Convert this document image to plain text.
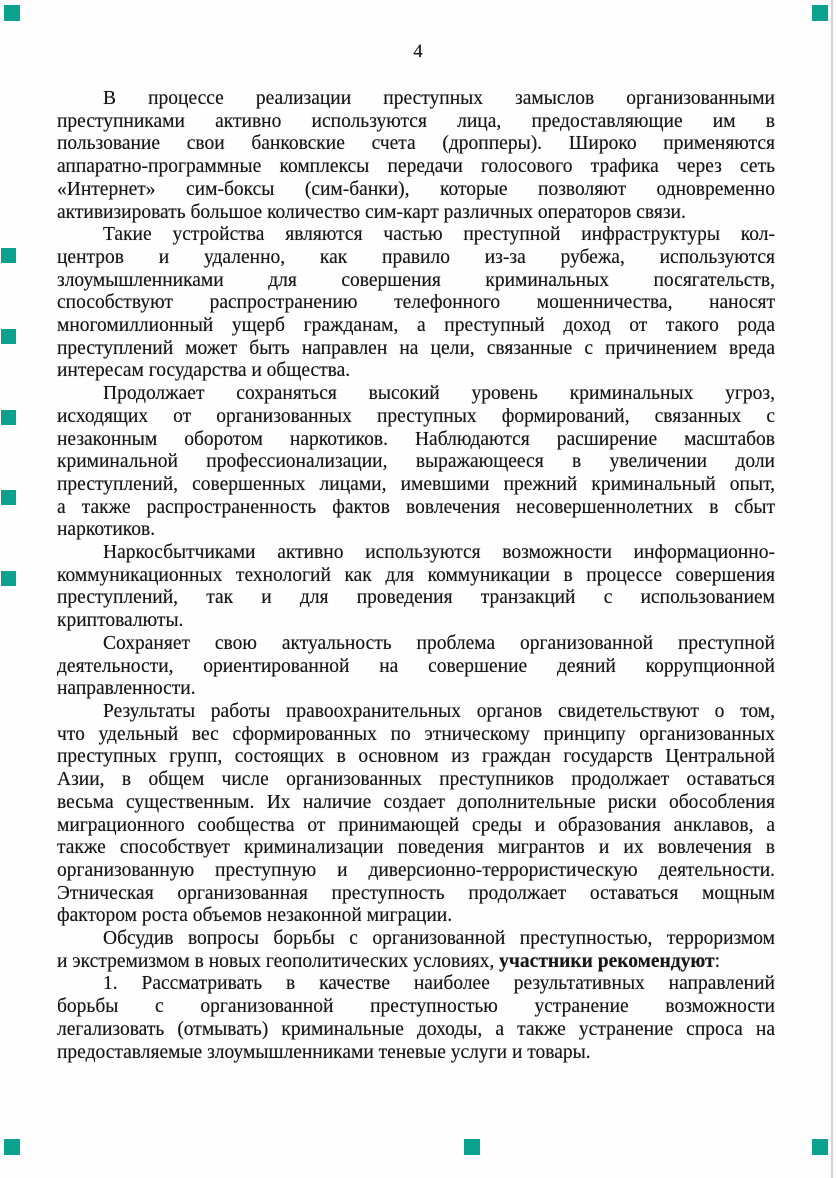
4
В процессе реализации преступных замыслов организованными
преступниками активно используются лица, предоставляющие им в
пользование свои банковские счета (дропперы). Широко применяются
аппаратно-программные комплексы передачи голосового трафика через сеть
«Интернет» сим-боксы (сим-банки), которые позволяют одновременно
активизировать большое количество сим-карт различных операторов связи.
Такие устройства являются частью преступной инфраструктуры кол-
центров и удаленно, как правило из-за рубежа, используются
злоумышленниками для совершения криминальных посягательств,
способствуют распространению телефонного мошенничества, наносят
многомиллионный ущерб гражданам, а преступный доход от такого рода
преступлений может быть направлен на цели, связанные с причинением вреда
интересам государства и общества.
Продолжает сохраняться высокий уровень криминальных угроз,
исходящих от организованных преступных формирований, связанных с
незаконным оборотом наркотиков. Наблюдаются расширение масштабов
криминальной профессионализации, выражающееся в увеличении доли
преступлений, совершенных лицами, имевшими прежний криминальный опыт,
а также распространенность фактов вовлечения несовершеннолетних в сбыт
наркотиков.
Наркосбытчиками активно используются возможности информационно-
коммуникационных технологий как для коммуникации в процессе совершения
преступлений, так и для проведения транзакций с использованием
криптовалюты.
Сохраняет свою актуальность проблема организованной преступной
деятельности, ориентированной на совершение деяний коррупционной
направленности.
Результаты работы правоохранительных органов свидетельствуют о том,
что удельный вес сформированных по этническому принципу организованных
преступных групп, состоящих в основном из граждан государств Центральной
Азии, в общем числе организованных преступников продолжает оставаться
весьма существенным. Их наличие создает дополнительные риски обособления
миграционного сообщества от принимающей среды и образования анклавов, а
также способствует криминализации поведения мигрантов и их вовлечения в
организованную преступную и диверсионно-террористическую деятельности.
Этническая организованная преступность продолжает оставаться мощным
фактором роста объемов незаконной миграции.
Обсудив вопросы борьбы с организованной преступностью, терроризмом
и экстремизмом в новых геополитических условиях, участники рекомендуют:
1. Рассматривать в качестве наиболее результативных направлений
борьбы с организованной преступностью устранение возможности
легализовать (отмывать) криминальные доходы, а также устранение спроса на
предоставляемые злоумышленниками теневые услуги и товары.
